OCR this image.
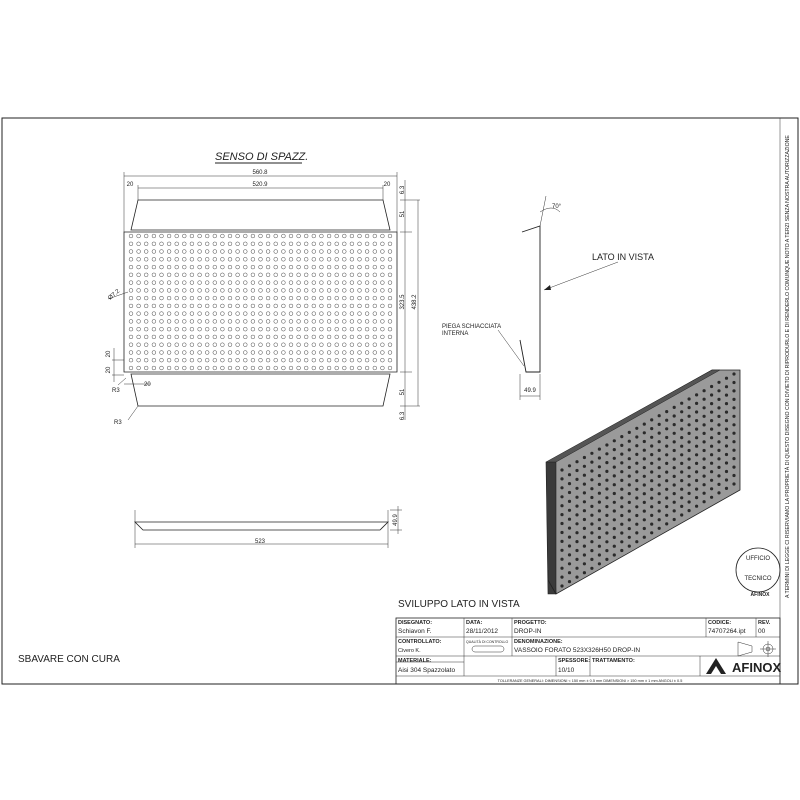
A TERMINI DI LEGGE CI RISERVIAMO LA PROPRIETÀ DI QUESTO DISEGNO CON DIVIETO DI RIPRODURLO E DI RENDERLO COMUNQUE NOTO A TERZI SENZA NOSTRA AUTORIZZAZIONE
SENSO DI SPAZZ.
560.8
520.9
20	20
6.3
51
323.5 438.2
51
6.3
Ø7.2
20
20
20
R3
R3
523
49.9
70°
LATO IN VISTA
PIEGA SCHIACCIATA
INTERNA
49.9
SVILUPPO LATO IN VISTA
SBAVARE CON CURA
UFFICIO
TECNICO
AFINOX
DISEGNATO:
Schiavon F.
DATA:
28/11/2012
PROGETTO:
DROP-IN
CODICE:
74707264.ipt
REV.
00
CONTROLLATO:
Civero K.
QUALITÀ DI CONTROLLO DENOMINAZIONE:
VASSOIO FORATO 523X326H50 DROP-IN
MATERIALE:
Aisi 304 Spazzolato
SPESSORE:
10/10
TRATTAMENTO:	AFINOX
TOLLERANZE GENERALI: DIMENSIONI < 150 mm ± 0.5 mm DIMENSIONI > 150 mm ± 1 mm ANGOLI ± 0.5
